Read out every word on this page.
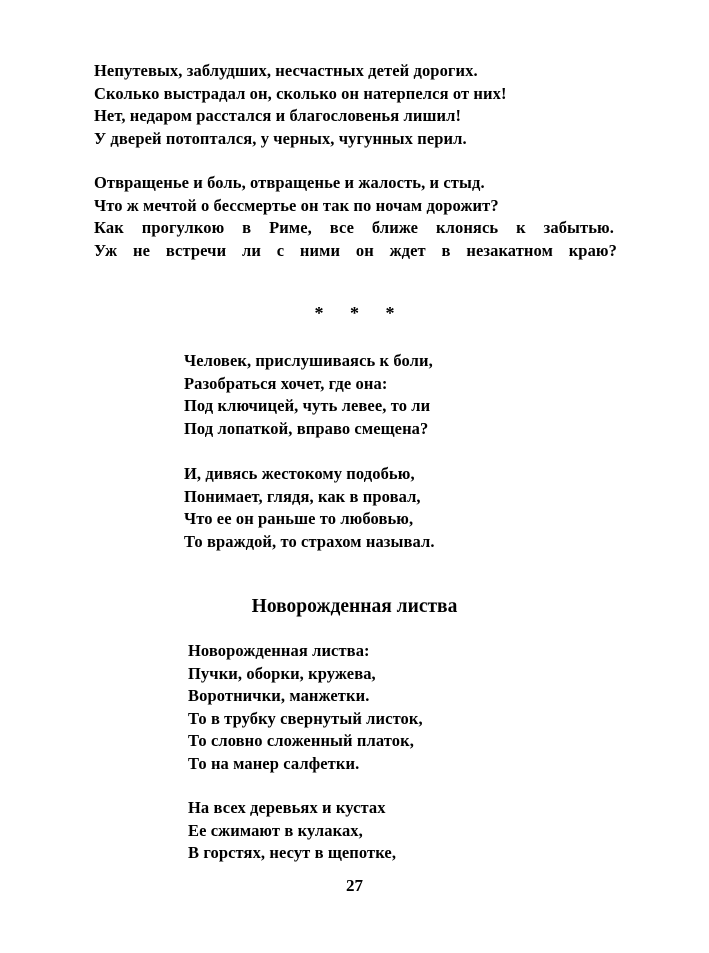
Непутевых, заблудших, несчастных детей дорогих.
Сколько выстрадал он, сколько он натерпелся от них!
Нет, недаром расстался и благословенья лишил!
У дверей потоптался, у черных, чугунных перил.
Отвращенье и боль, отвращенье и жалость, и стыд.
Что ж мечтой о бессмертье он так по ночам дорожит?
Как прогулкою в Риме, все ближе клонясь к забытью.
Уж не встречи ли с ними он ждет в незакатном краю?
* * *
Человек, прислушиваясь к боли,
Разобраться хочет, где она:
Под ключицей, чуть левее, то ли
Под лопаткой, вправо смещена?
И, дивясь жестокому подобью,
Понимает, глядя, как в провал,
Что ее он раньше то любовью,
То враждой, то страхом называл.
Новорожденная листва
Новорожденная листва:
Пучки, оборки, кружева,
Воротнички, манжетки.
То в трубку свернутый листок,
То словно сложенный платок,
То на манер салфетки.
На всех деревьях и кустах
Ее сжимают в кулаках,
В горстях, несут в щепотке,
27
